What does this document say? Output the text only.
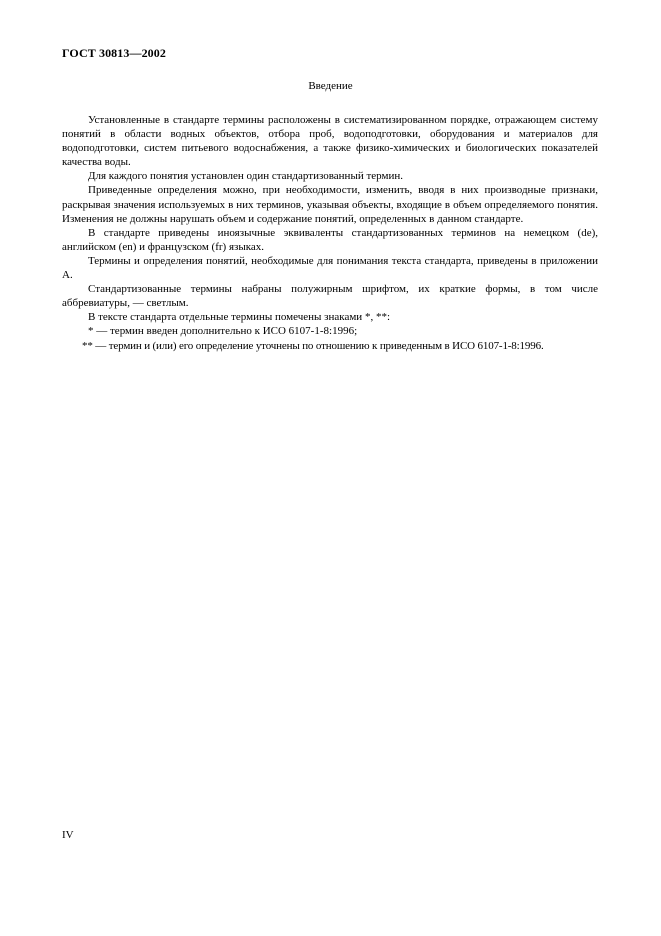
ГОСТ 30813—2002
Введение

Установленные в стандарте термины расположены в систематизированном порядке, отражающем систему понятий в области водных объектов, отбора проб, водоподготовки, оборудования и материалов для водоподготовки, систем питьевого водоснабжения, а также физико-химических и биологических показателей качества воды.

Для каждого понятия установлен один стандартизованный термин.

Приведенные определения можно, при необходимости, изменить, вводя в них производные признаки, раскрывая значения используемых в них терминов, указывая объекты, входящие в объем определяемого понятия. Изменения не должны нарушать объем и содержание понятий, определенных в данном стандарте.

В стандарте приведены иноязычные эквиваленты стандартизованных терминов на немецком (de), английском (en) и французском (fr) языках.

Термины и определения понятий, необходимые для понимания текста стандарта, приведены в приложении А.

Стандартизованные термины набраны полужирным шрифтом, их краткие формы, в том числе аббревиатуры, — светлым.

В тексте стандарта отдельные термины помечены знаками *, **:

* — термин введен дополнительно к ИСО 6107-1-8:1996;

** — термин и (или) его определение уточнены по отношению к приведенным в ИСО 6107-1-8:1996.

IV
